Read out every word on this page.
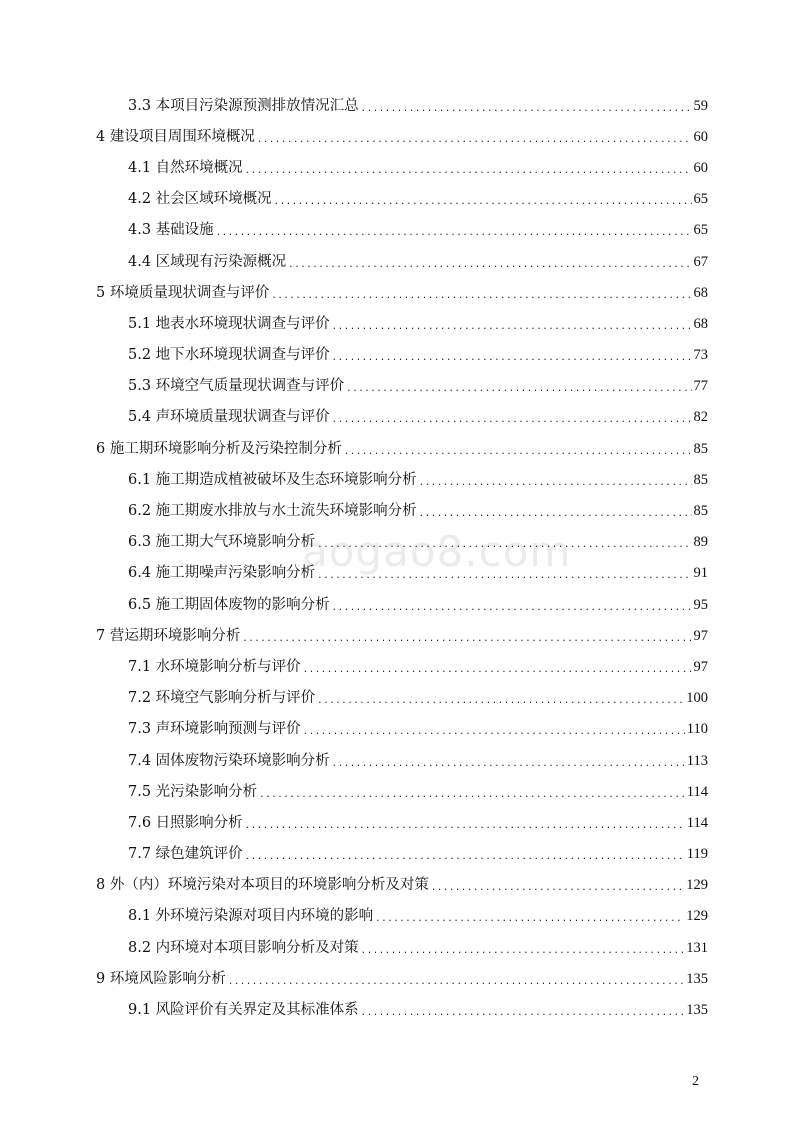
3.3 本项目污染源预测排放情况汇总 .....	59
4 建设项目周围环境概况 .....	60
4.1 自然环境概况 .....	60
4.2 社会区域环境概况 .....	65
4.3 基础设施 .....	65
4.4 区域现有污染源概况 .....	67
5 环境质量现状调查与评价 .....	68
5.1 地表水环境现状调查与评价 .....	68
5.2 地下水环境现状调查与评价 .....	73
5.3 环境空气质量现状调查与评价 .....	77
5.4 声环境质量现状调查与评价 .....	82
6 施工期环境影响分析及污染控制分析 .....	85
6.1 施工期造成植被破坏及生态环境影响分析 .....	85
6.2 施工期废水排放与水土流失环境影响分析 .....	85
6.3 施工期大气环境影响分析 .....	89
6.4 施工期噪声污染影响分析 .....	91
6.5 施工期固体废物的影响分析 .....	95
7 营运期环境影响分析 .....	97
7.1 水环境影响分析与评价 .....	97
7.2 环境空气影响分析与评价 .....	100
7.3 声环境影响预测与评价 .....	110
7.4 固体废物污染环境影响分析 .....	113
7.5 光污染影响分析 .....	114
7.6 日照影响分析 .....	114
7.7 绿色建筑评价 .....	119
8 外（内）环境污染对本项目的环境影响分析及对策 .....	129
8.1 外环境污染源对项目内环境的影响 .....	129
8.2 内环境对本项目影响分析及对策 .....	131
9 环境风险影响分析 .....	135
9.1 风险评价有关界定及其标准体系 .....	135
aogao8.com
2
